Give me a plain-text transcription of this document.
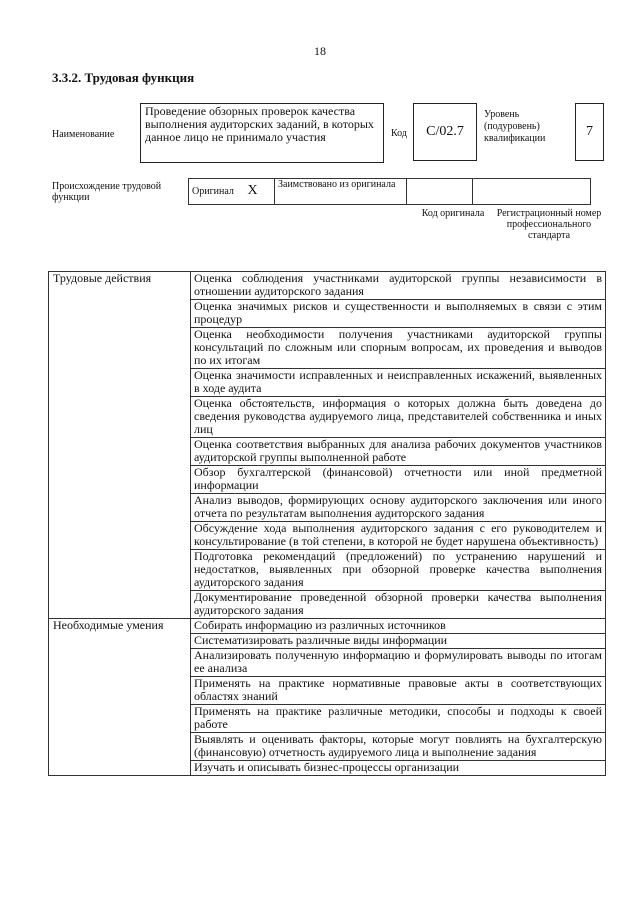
18
3.3.2. Трудовая функция
Наименование
Проведение обзорных проверок качества выполнения аудиторских заданий, в которых данное лицо не принимало участия	Код	C/02.7
Уровень (подуровень) квалификации	7
Происхождение трудовой функции
Оригинал	X	Заимствовано из оригинала		
Код оригинала	Регистрационный номер профессионального стандарта
Трудовые действия	Оценка соблюдения участниками аудиторской группы независимости в отношении аудиторского задания
	Оценка значимых рисков и существенности и выполняемых в связи с этим процедур
	Оценка необходимости получения участниками аудиторской группы консультаций по сложным или спорным вопросам, их проведения и выводов по их итогам
	Оценка значимости исправленных и неисправленных искажений, выявленных в ходе аудита
	Оценка обстоятельств, информация о которых должна быть доведена до сведения руководства аудируемого лица, представителей собственника и иных лиц
	Оценка соответствия выбранных для анализа рабочих документов участников аудиторской группы выполненной работе
	Обзор бухгалтерской (финансовой) отчетности или иной предметной информации
	Анализ выводов, формирующих основу аудиторского заключения или иного отчета по результатам выполнения аудиторского задания
	Обсуждение хода выполнения аудиторского задания с его руководителем и консультирование (в той степени, в которой не будет нарушена объективность)
	Подготовка рекомендаций (предложений) по устранению нарушений и недостатков, выявленных при обзорной проверке качества выполнения аудиторского задания
	Документирование проведенной обзорной проверки качества выполнения аудиторского задания
Необходимые умения	Собирать информацию из различных источников
	Систематизировать различные виды информации
	Анализировать полученную информацию и формулировать выводы по итогам ее анализа
	Применять на практике нормативные правовые акты в соответствующих областях знаний
	Применять на практике различные методики, способы и подходы к своей работе
	Выявлять и оценивать факторы, которые могут повлиять на бухгалтерскую (финансовую) отчетность аудируемого лица и выполнение задания
	Изучать и описывать бизнес-процессы организации
